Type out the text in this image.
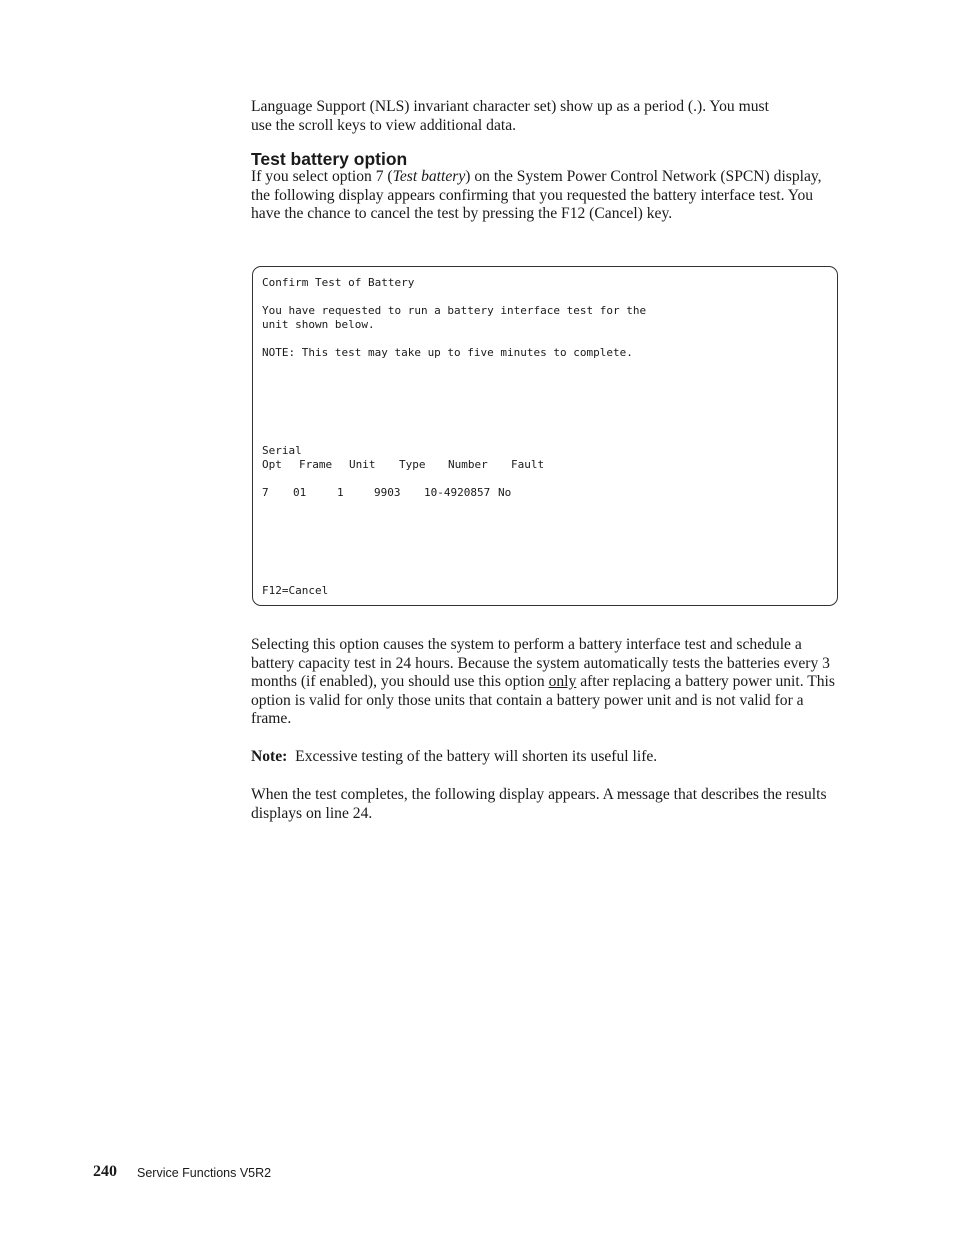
Language Support (NLS) invariant character set) show up as a period (.). You must
use the scroll keys to view additional data.

Test battery option

If you select option 7 (Test battery) on the System Power Control Network (SPCN) display, the following display appears confirming that you requested the battery interface test. You have the chance to cancel the test by pressing the F12 (Cancel) key.

Confirm Test of Battery
You have requested to run a battery interface test for the
unit shown below.
NOTE: This test may take up to five minutes to complete.
Serial
Opt Frame Unit Type Number Fault
7 01	1	9903 10-4920857 No
F12=Cancel

Selecting this option causes the system to perform a battery interface test and schedule a battery capacity test in 24 hours. Because the system automatically tests the batteries every 3 months (if enabled), you should use this option only after replacing a battery power unit. This option is valid for only those units that contain a battery power unit and is not valid for a frame.

Note: Excessive testing of the battery will shorten its useful life.

When the test completes, the following display appears. A message that describes the results displays on line 24.

240 Service Functions V5R2
